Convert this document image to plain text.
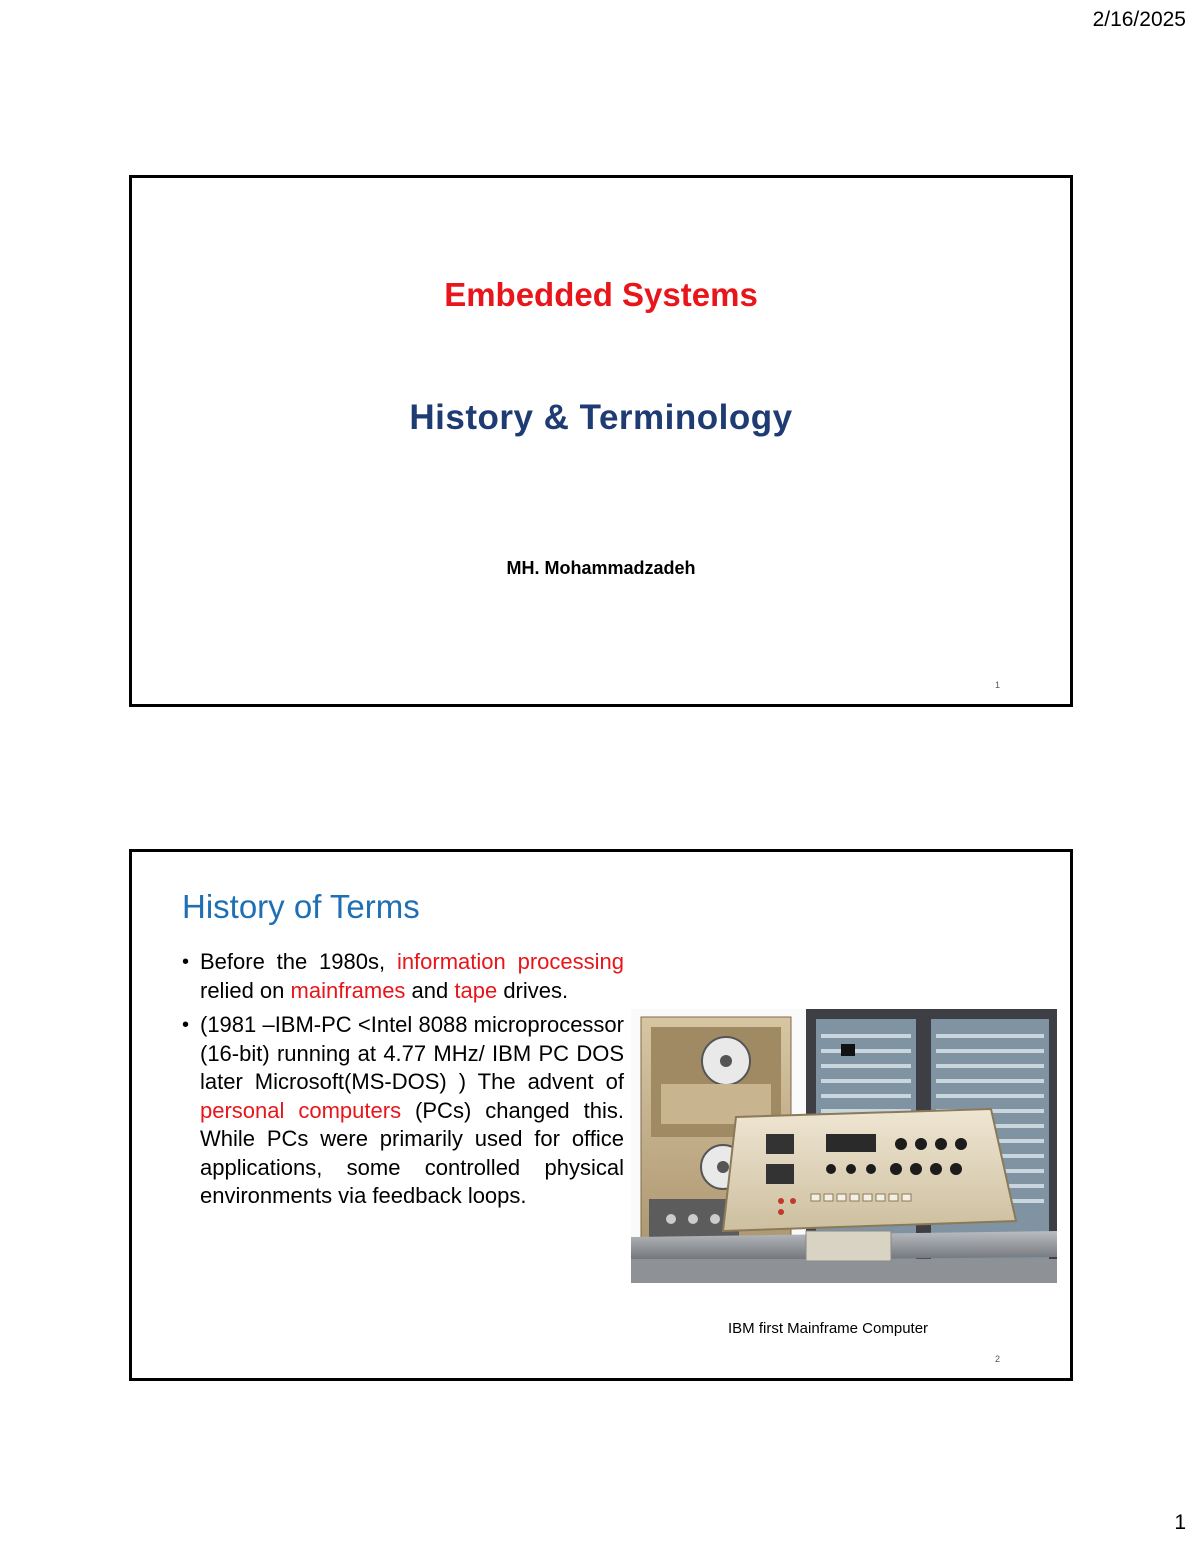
2/16/2025
Embedded Systems
History & Terminology
MH. Mohammadzadeh
1
History of Terms
• Before the 1980s, information processing relied on mainframes and tape drives.
• (1981 –IBM-PC <Intel 8088 microprocessor (16-bit) running at 4.77 MHz/ IBM PC DOS later Microsoft(MS-DOS) ) The advent of personal computers (PCs) changed this. While PCs were primarily used for office applications, some controlled physical environments via feedback loops.
IBM first Mainframe Computer
2
1
